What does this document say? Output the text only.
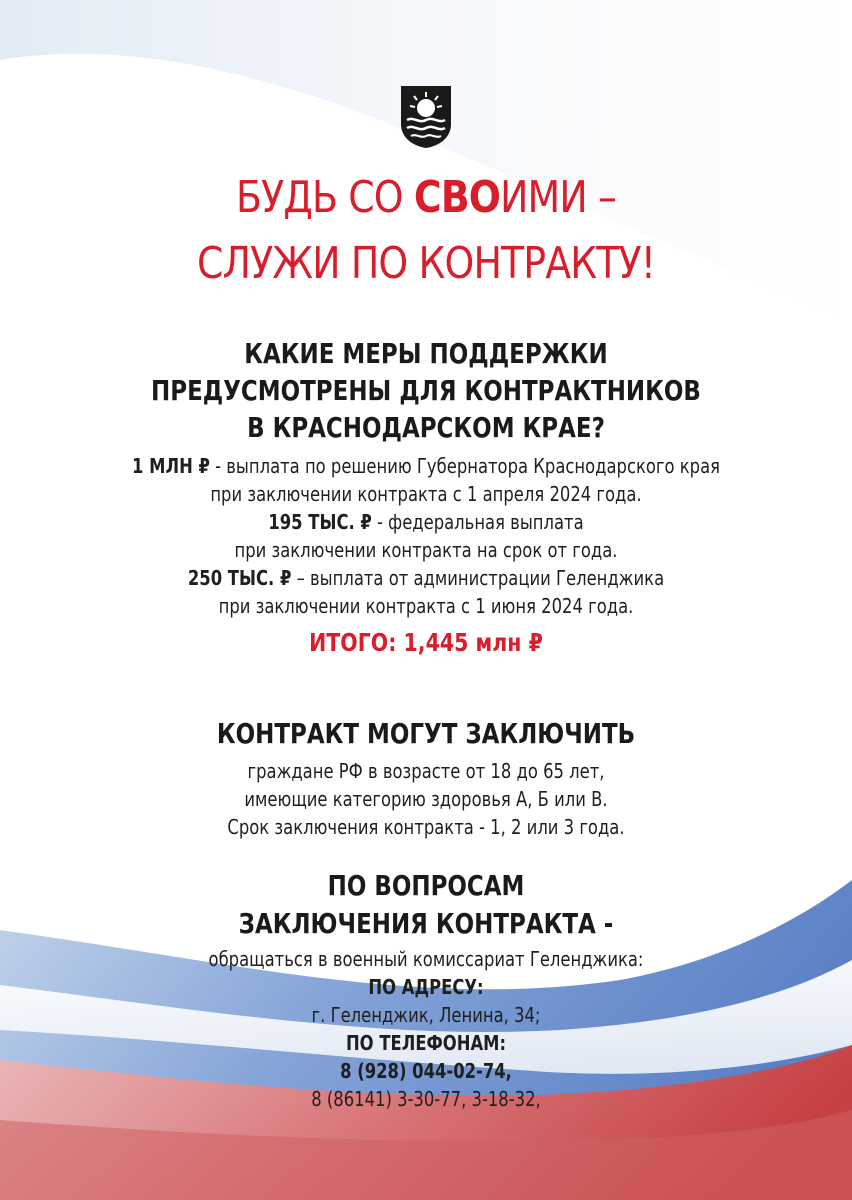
БУДЬ СО СВОИМИ –
СЛУЖИ ПО КОНТРАКТУ!
КАКИЕ МЕРЫ ПОДДЕРЖКИ
ПРЕДУСМОТРЕНЫ ДЛЯ КОНТРАКТНИКОВ
В КРАСНОДАРСКОМ КРАЕ?
1 МЛН ₽ - выплата по решению Губернатора Краснодарского края
при заключении контракта с 1 апреля 2024 года.
195 ТЫС. ₽ - федеральная выплата
при заключении контракта на срок от года.
250 ТЫС. ₽ – выплата от администрации Геленджика
при заключении контракта с 1 июня 2024 года.
ИТОГО: 1,445 млн ₽
КОНТРАКТ МОГУТ ЗАКЛЮЧИТЬ
граждане РФ в возрасте от 18 до 65 лет,
имеющие категорию здоровья А, Б или В.
Срок заключения контракта - 1, 2 или 3 года.
ПО ВОПРОСАМ
ЗАКЛЮЧЕНИЯ КОНТРАКТА -
обращаться в военный комиссариат Геленджика:
ПО АДРЕСУ:
г. Геленджик, Ленина, 34;
ПО ТЕЛЕФОНАМ:
8 (928) 044-02-74,
8 (86141) 3-30-77, 3-18-32,
